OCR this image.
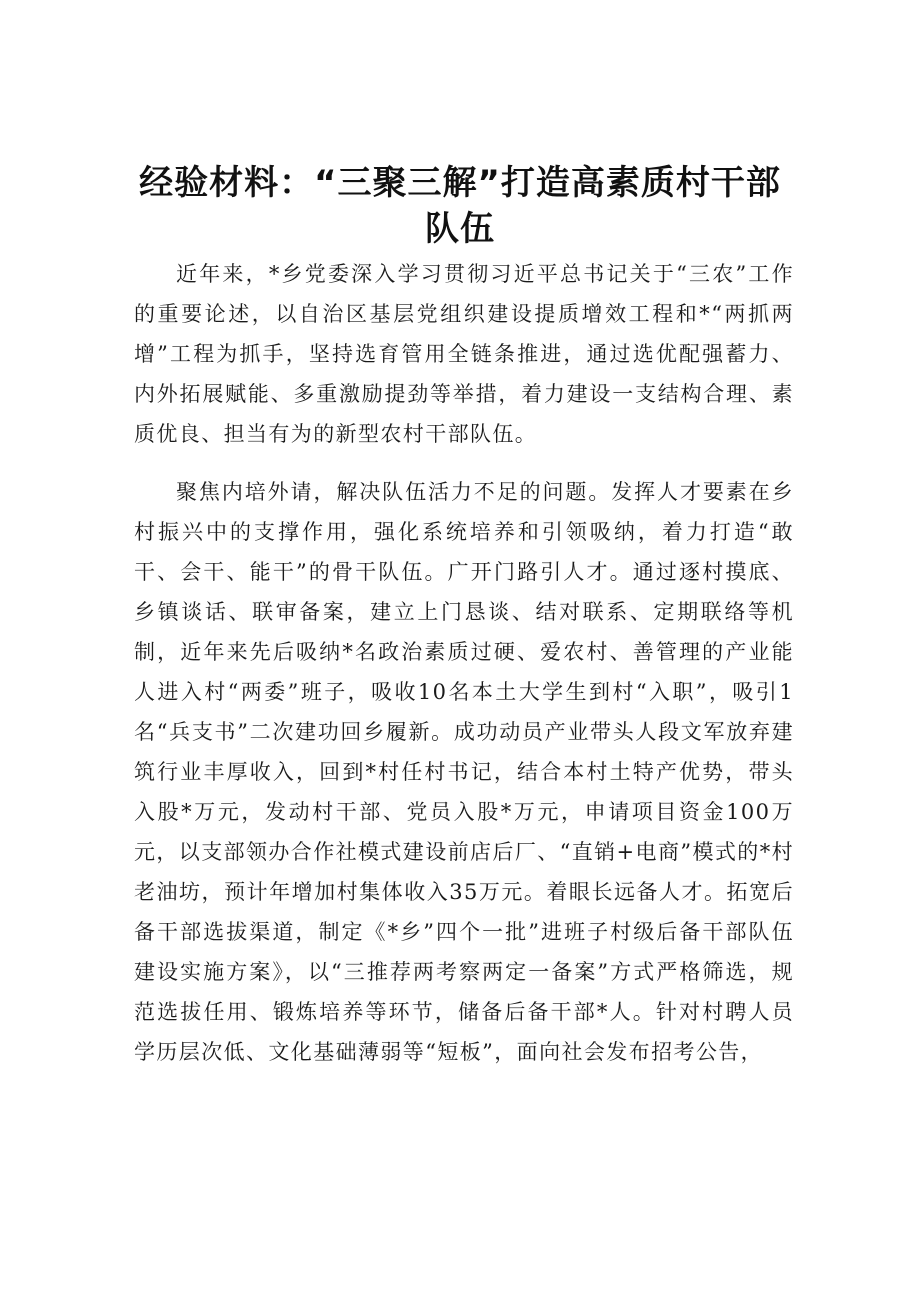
经验材料：“三聚三解”打造高素质村干部队伍

近年来，*乡党委深入学习贯彻习近平总书记关于“三农”工作的重要论述，以自治区基层党组织建设提质增效工程和*“两抓两增”工程为抓手，坚持选育管用全链条推进，通过选优配强蓄力、内外拓展赋能、多重激励提劲等举措，着力建设一支结构合理、素质优良、担当有为的新型农村干部队伍。

聚焦内培外请，解决队伍活力不足的问题。发挥人才要素在乡村振兴中的支撑作用，强化系统培养和引领吸纳，着力打造“敢干、会干、能干”的骨干队伍。广开门路引人才。通过逐村摸底、乡镇谈话、联审备案，建立上门恳谈、结对联系、定期联络等机制，近年来先后吸纳*名政治素质过硬、爱农村、善管理的产业能人进入村“两委”班子，吸收10名本土大学生到村“入职”，吸引1名“兵支书”二次建功回乡履新。成功动员产业带头人段文军放弃建筑行业丰厚收入，回到*村任村书记，结合本村土特产优势，带头入股*万元，发动村干部、党员入股*万元，申请项目资金100万元，以支部领办合作社模式建设前店后厂、“直销+电商”模式的*村老油坊，预计年增加村集体收入35万元。着眼长远备人才。拓宽后备干部选拔渠道，制定《*乡”四个一批”进班子村级后备干部队伍建设实施方案》，以“三推荐两考察两定一备案”方式严格筛选，规范选拔任用、锻炼培养等环节，储备后备干部*人。针对村聘人员学历层次低、文化基础薄弱等“短板”，面向社会发布招考公告，
